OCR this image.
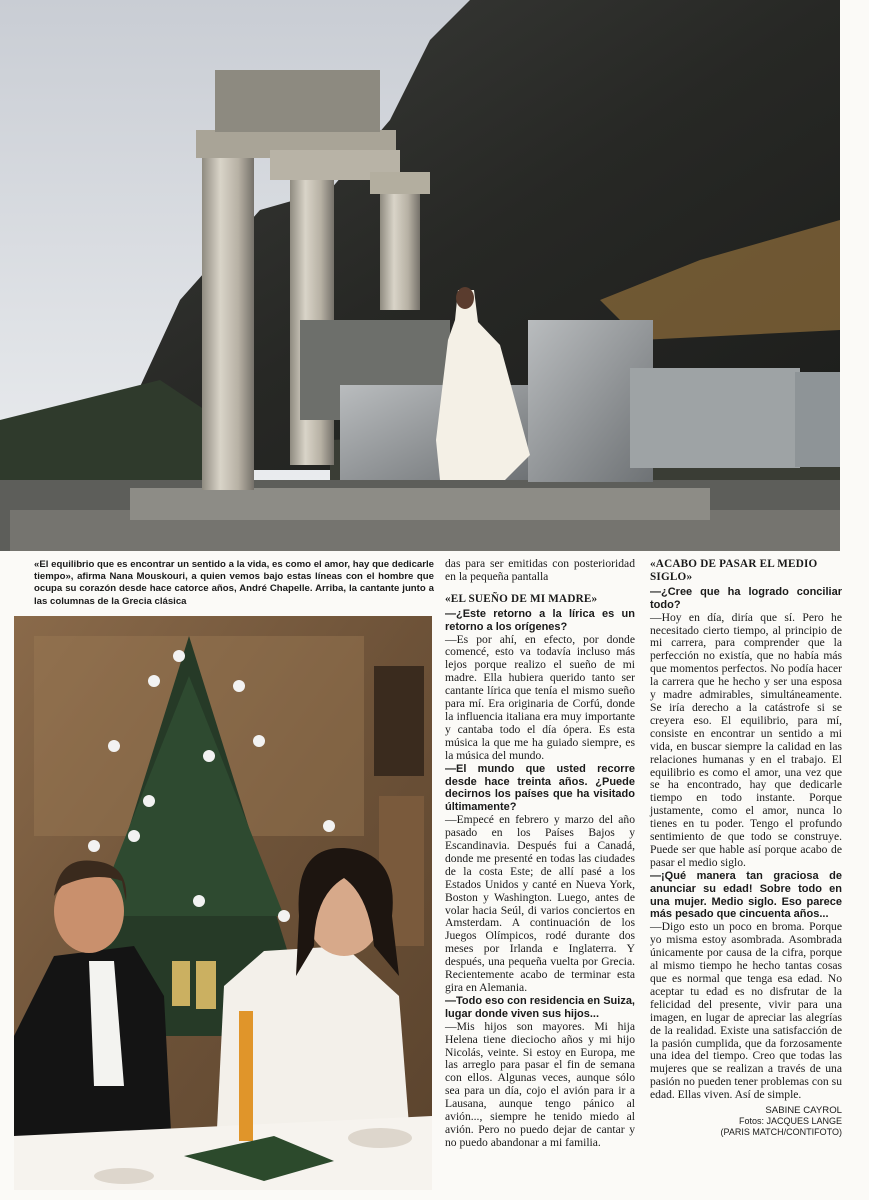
«El equilibrio que es encontrar un sentido a la vida, es como el amor, hay que dedicarle tiempo», afirma Nana Mouskouri, a quien vemos bajo estas líneas con el hombre que ocupa su corazón desde hace catorce años, André Chapelle. Arriba, la cantante junto a las columnas de la Grecia clásica

das para ser emitidas con posterioridad en la pequeña pantalla

«EL SUEÑO DE MI MADRE»

—¿Este retorno a la lírica es un retorno a los orígenes?

—Es por ahí, en efecto, por donde comencé, esto va todavía incluso más lejos porque realizo el sueño de mi madre. Ella hubiera querido tanto ser cantante lírica que tenía el mismo sueño para mí. Era originaria de Corfú, donde la influencia italiana era muy importante y cantaba todo el día ópera. Es esta música la que me ha guiado siempre, es la música del mundo.

—El mundo que usted recorre desde hace treinta años. ¿Puede decirnos los países que ha visitado últimamente?

—Empecé en febrero y marzo del año pasado en los Países Bajos y Escandinavia. Después fui a Canadá, donde me presenté en todas las ciudades de la costa Este; de allí pasé a los Estados Unidos y canté en Nueva York, Boston y Washington. Luego, antes de volar hacia Seúl, di varios conciertos en Amsterdam. A continuación de los Juegos Olímpicos, rodé durante dos meses por Irlanda e Inglaterra. Y después, una pequeña vuelta por Grecia. Recientemente acabo de terminar esta gira en Alemania.

—Todo eso con residencia en Suiza, lugar donde viven sus hijos...

—Mis hijos son mayores. Mi hija Helena tiene dieciocho años y mi hijo Nicolás, veinte. Si estoy en Europa, me las arreglo para pasar el fin de semana con ellos. Algunas veces, aunque sólo sea para un día, cojo el avión para ir a Lausana, aunque tengo pánico al avión..., siempre he tenido miedo al avión. Pero no puedo dejar de cantar y no puedo abandonar a mi familia.

«ACABO DE PASAR EL MEDIO SIGLO»

—¿Cree que ha logrado conciliar todo?

—Hoy en día, diría que sí. Pero he necesitado cierto tiempo, al principio de mi carrera, para comprender que la perfección no existía, que no había más que momentos perfectos. No podía hacer la carrera que he hecho y ser una esposa y madre admirables, simultáneamente. Se iría derecho a la catástrofe si se creyera eso. El equilibrio, para mí, consiste en encontrar un sentido a mi vida, en buscar siempre la calidad en las relaciones humanas y en el trabajo. El equilibrio es como el amor, una vez que se ha encontrado, hay que dedicarle tiempo en todo instante. Porque justamente, como el amor, nunca lo tienes en tu poder. Tengo el profundo sentimiento de que todo se construye. Puede ser que hable así porque acabo de pasar el medio siglo.

—¡Qué manera tan graciosa de anunciar su edad! Sobre todo en una mujer. Medio siglo. Eso parece más pesado que cincuenta años...

—Digo esto un poco en broma. Porque yo misma estoy asombrada. Asombrada únicamente por causa de la cifra, porque al mismo tiempo he hecho tantas cosas que es normal que tenga esa edad. No aceptar tu edad es no disfrutar de la felicidad del presente, vivir para una imagen, en lugar de apreciar las alegrías de la realidad. Existe una satisfacción de la pasión cumplida, que da forzosamente una idea del tiempo. Creo que todas las mujeres que se realizan a través de una pasión no pueden tener problemas con su edad. Ellas viven. Así de simple.

SABINE CAYROL
Fotos: JACQUES LANGE
(PARIS MATCH/CONTIFOTO)
